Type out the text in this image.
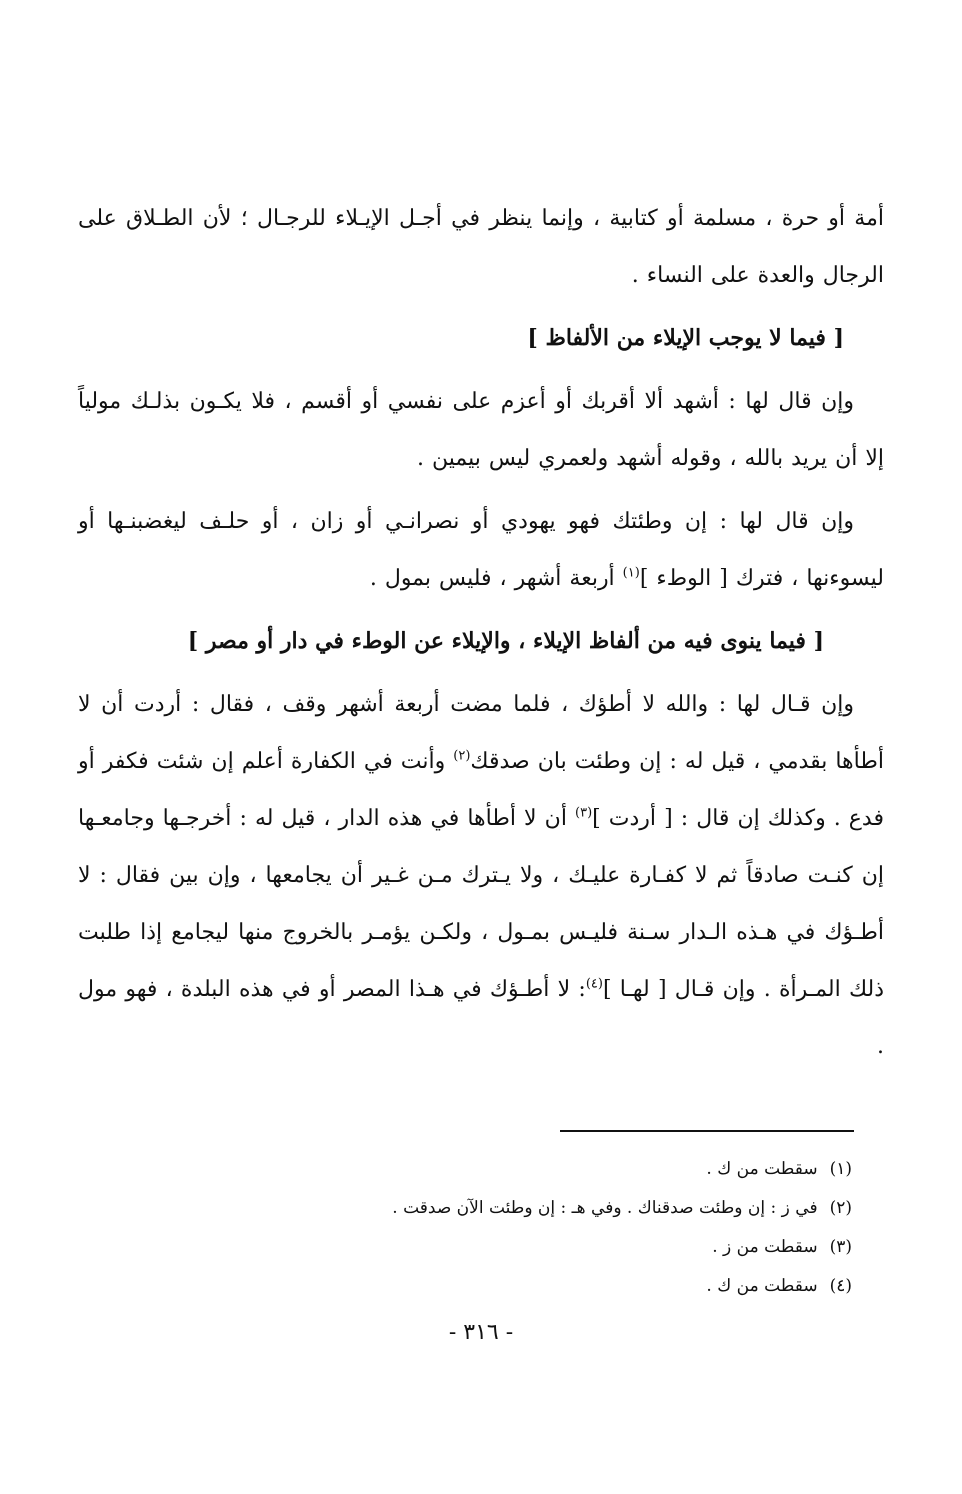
أمة أو حرة ، مسلمة أو كتابية ، وإنما ينظر في أجـل الإيـلاء للرجـال ؛ لأن الطـلاق على الرجال والعدة على النساء .

[ فيما لا يوجب الإيلاء من الألفاظ ]

وإن قال لها : أشهد ألا أقربك أو أعزم على نفسي أو أقسم ، فلا يكـون بذلـك مولياً إلا أن يريد بالله ، وقوله أشهد ولعمري ليس بيمين .

وإن قال لها : إن وطئتك فهو يهودي أو نصرانـي أو زان ، أو حلـف ليغضبنـها أو ليسوءنها ، فترك [ الوطء ]$^{(١)}$ أربعة أشهر ، فليس بمول .

[ فيما ينوى فيه من ألفاظ الإيلاء ، والإيلاء عن الوطء في دار أو مصر ]

وإن قـال لها : والله لا أطؤك ، فلما مضت أربعة أشهر وقف ، فقال : أردت أن لا أطأها بقدمي ، قيل له : إن وطئت بان صدقك$^{(٢)}$ وأنت في الكفارة أعلم إن شئت فكفر أو فدع . وكذلك إن قال : [ أردت ]$^{(٣)}$ أن لا أطأها في هذه الدار ، قيل له : أخرجـها وجامعـها إن كنـت صادقاً ثم لا كفـارة عليـك ، ولا يـترك مـن غـير أن يجامعها ، وإن بين فقال : لا أطـؤك في هـذه الـدار سـنة فليـس بمـول ، ولكـن يؤمـر بالخروج منها ليجامع إذا طلبت ذلك المـرأة . وإن قـال [ لهـا ]$^{(٤)}$: لا أطـؤك في هـذا المصر أو في هذه البلدة ، فهو مول .

(١)سقطت من ك .
(٢)في ز : إن وطئت صدقناك . وفي هـ : إن وطئت الآن صدقت .
(٣)سقطت من ز .
(٤)سقطت من ك .
- ٣١٦ -
